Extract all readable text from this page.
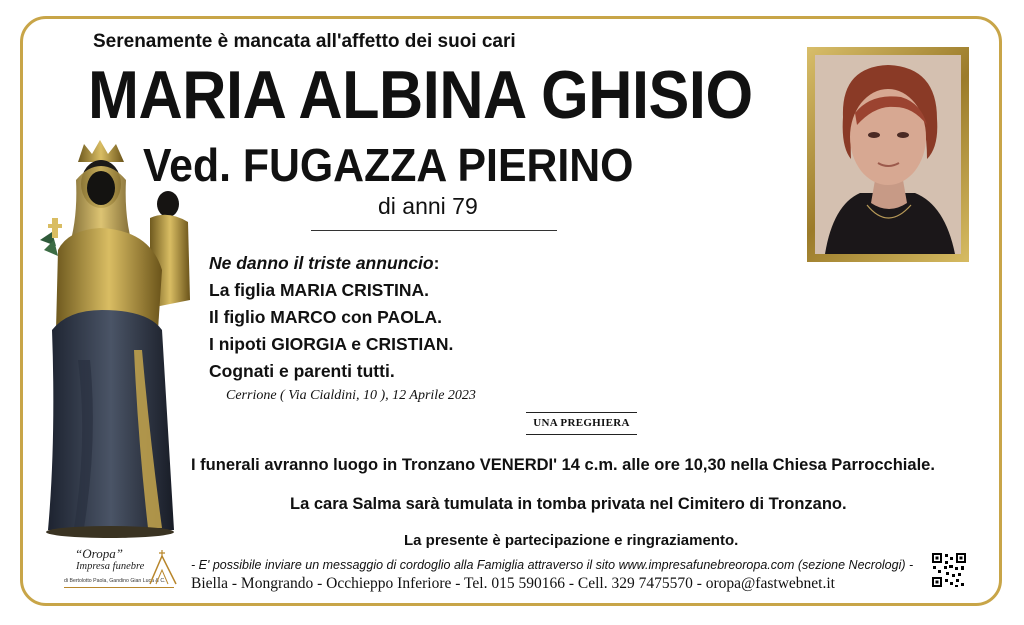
Serenamente è mancata all'affetto dei suoi cari
MARIA ALBINA GHISIO
Ved. FUGAZZA PIERINO
di anni 79
Ne danno il triste annuncio:
La figlia MARIA CRISTINA.
Il figlio MARCO con PAOLA.
I nipoti GIORGIA e CRISTIAN.
Cognati e parenti tutti.
Cerrione ( Via Cialdini, 10 ), 12 Aprile 2023
UNA PREGHIERA
I funerali avranno luogo in Tronzano VENERDI' 14 c.m. alle ore 10,30 nella Chiesa Parrocchiale.
La cara Salma sarà tumulata in tomba privata nel Cimitero di Tronzano.
La presente è partecipazione e ringraziamento.
- E' possibile inviare un messaggio di cordoglio alla Famiglia attraverso il sito www.impresafunebreoropa.com (sezione Necrologi) -
Biella - Mongrando - Occhieppo Inferiore - Tel. 015 590166 - Cell. 329 7475570 - oropa@fastwebnet.it
“Oropa”
Impresa funebre
di Bertolotto Paola, Gandino Gian Luca & C.
